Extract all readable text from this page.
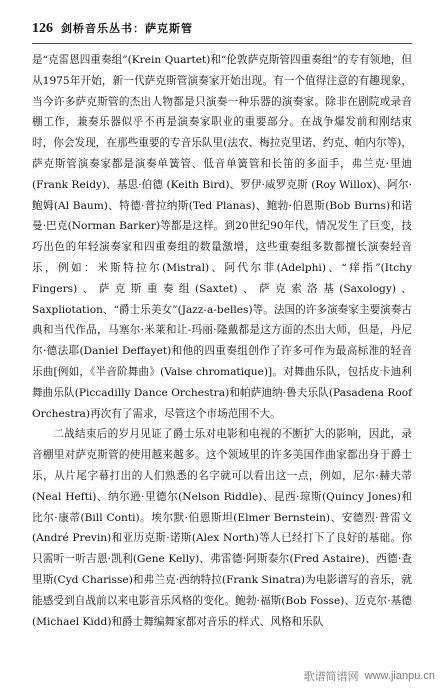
126 剑桥音乐丛书：萨克斯管

是“克雷恩四重奏组”(Krein Quartet)和“伦敦萨克斯管四重奏组”的专有领地，但从1975年开始，新一代萨克斯管演奏家开始出现。有一个值得注意的有趣现象，当今许多萨克斯管的杰出人物都是只演奏一种乐器的演奏家。除非在剧院或录音棚工作，兼奏乐器似乎不再是演奏家职业的重要部分。在战争爆发前和刚结束时，你会发现，在那些重要的专音乐队里(法农、梅拉克里诺、约克、帕内尔等)，萨克斯管演奏家都是演奏单簧管、低音单簧管和长笛的多面手，弗兰克·里迪(Frank Reidy)、基思·伯德 (Keith Bird)、罗伊·威罗克斯 (Roy Willox)、阿尔·鲍姆(Al Baum)、特德·普拉纳斯(Ted Planas)、鲍勃·伯恩斯(Bob Burns)和诺曼·巴克(Norman Barker)等都是这样。到20世纪90年代，情况发生了巨变，技巧出色的年轻演奏家和四重奏组的数量激增，这些重奏组多数都擅长演奏轻音乐，例如：米斯特拉尔(Mistral)、阿代尔菲(Adelphi)、“痒指”(Itchy Fingers)、萨克斯重奏组(Saxtet)、萨克索洛基(Saxology)、Saxpliotation、“爵士乐美女”(Jazz-a-belles)等。法国的许多演奏家主要演奏古典和当代作品，马塞尔·米莱和让-玛丽·隆戴都是这方面的杰出大师，但是，丹尼尔·德法耶(Daniel Deffayet)和他的四重奏组创作了许多可作为最高标准的轻音乐曲[例如，《半音阶舞曲》(Valse chromatique)]。对舞曲乐队，包括皮卡迪利舞曲乐队(Piccadilly Dance Orchestra)和帕萨迪纳·鲁夫乐队(Pasadena Roof Orchestra)再次有了需求，尽管这个市场范围不大。

二战结束后的岁月见证了爵士乐对电影和电视的不断扩大的影响，因此，录音棚里对萨克斯管的使用越来越多。这个领域里的许多美国作曲家都出身于爵士乐，从片尾字幕打出的人们熟悉的名字就可以看出这一点，例如，尼尔·赫夫蒂(Neal Hefti)、纳尔逊·里德尔(Nelson Riddle)、昆西·琼斯(Quincy Jones)和比尔·康蒂(Bill Conti)。埃尔默·伯恩斯坦(Elmer Bernstein)、安德烈·普雷文(André Previn)和亚历克斯·诺斯(Alex North)等人已经打下了良好的基础。你只需听一听吉恩·凯利(Gene Kelly)、弗雷德·阿斯泰尔(Fred Astaire)、西德·查里斯(Cyd Charisse)和弗兰克·西纳特拉(Frank Sinatra)为电影谱写的音乐，就能感受到自战前以来电影音乐风格的变化。鲍勃·福斯(Bob Fosse)、迈克尔·基德(Michael Kidd)和爵士舞编舞家都对音乐的样式、风格和乐队

歌谱简谱网 www.jianpu.cn
